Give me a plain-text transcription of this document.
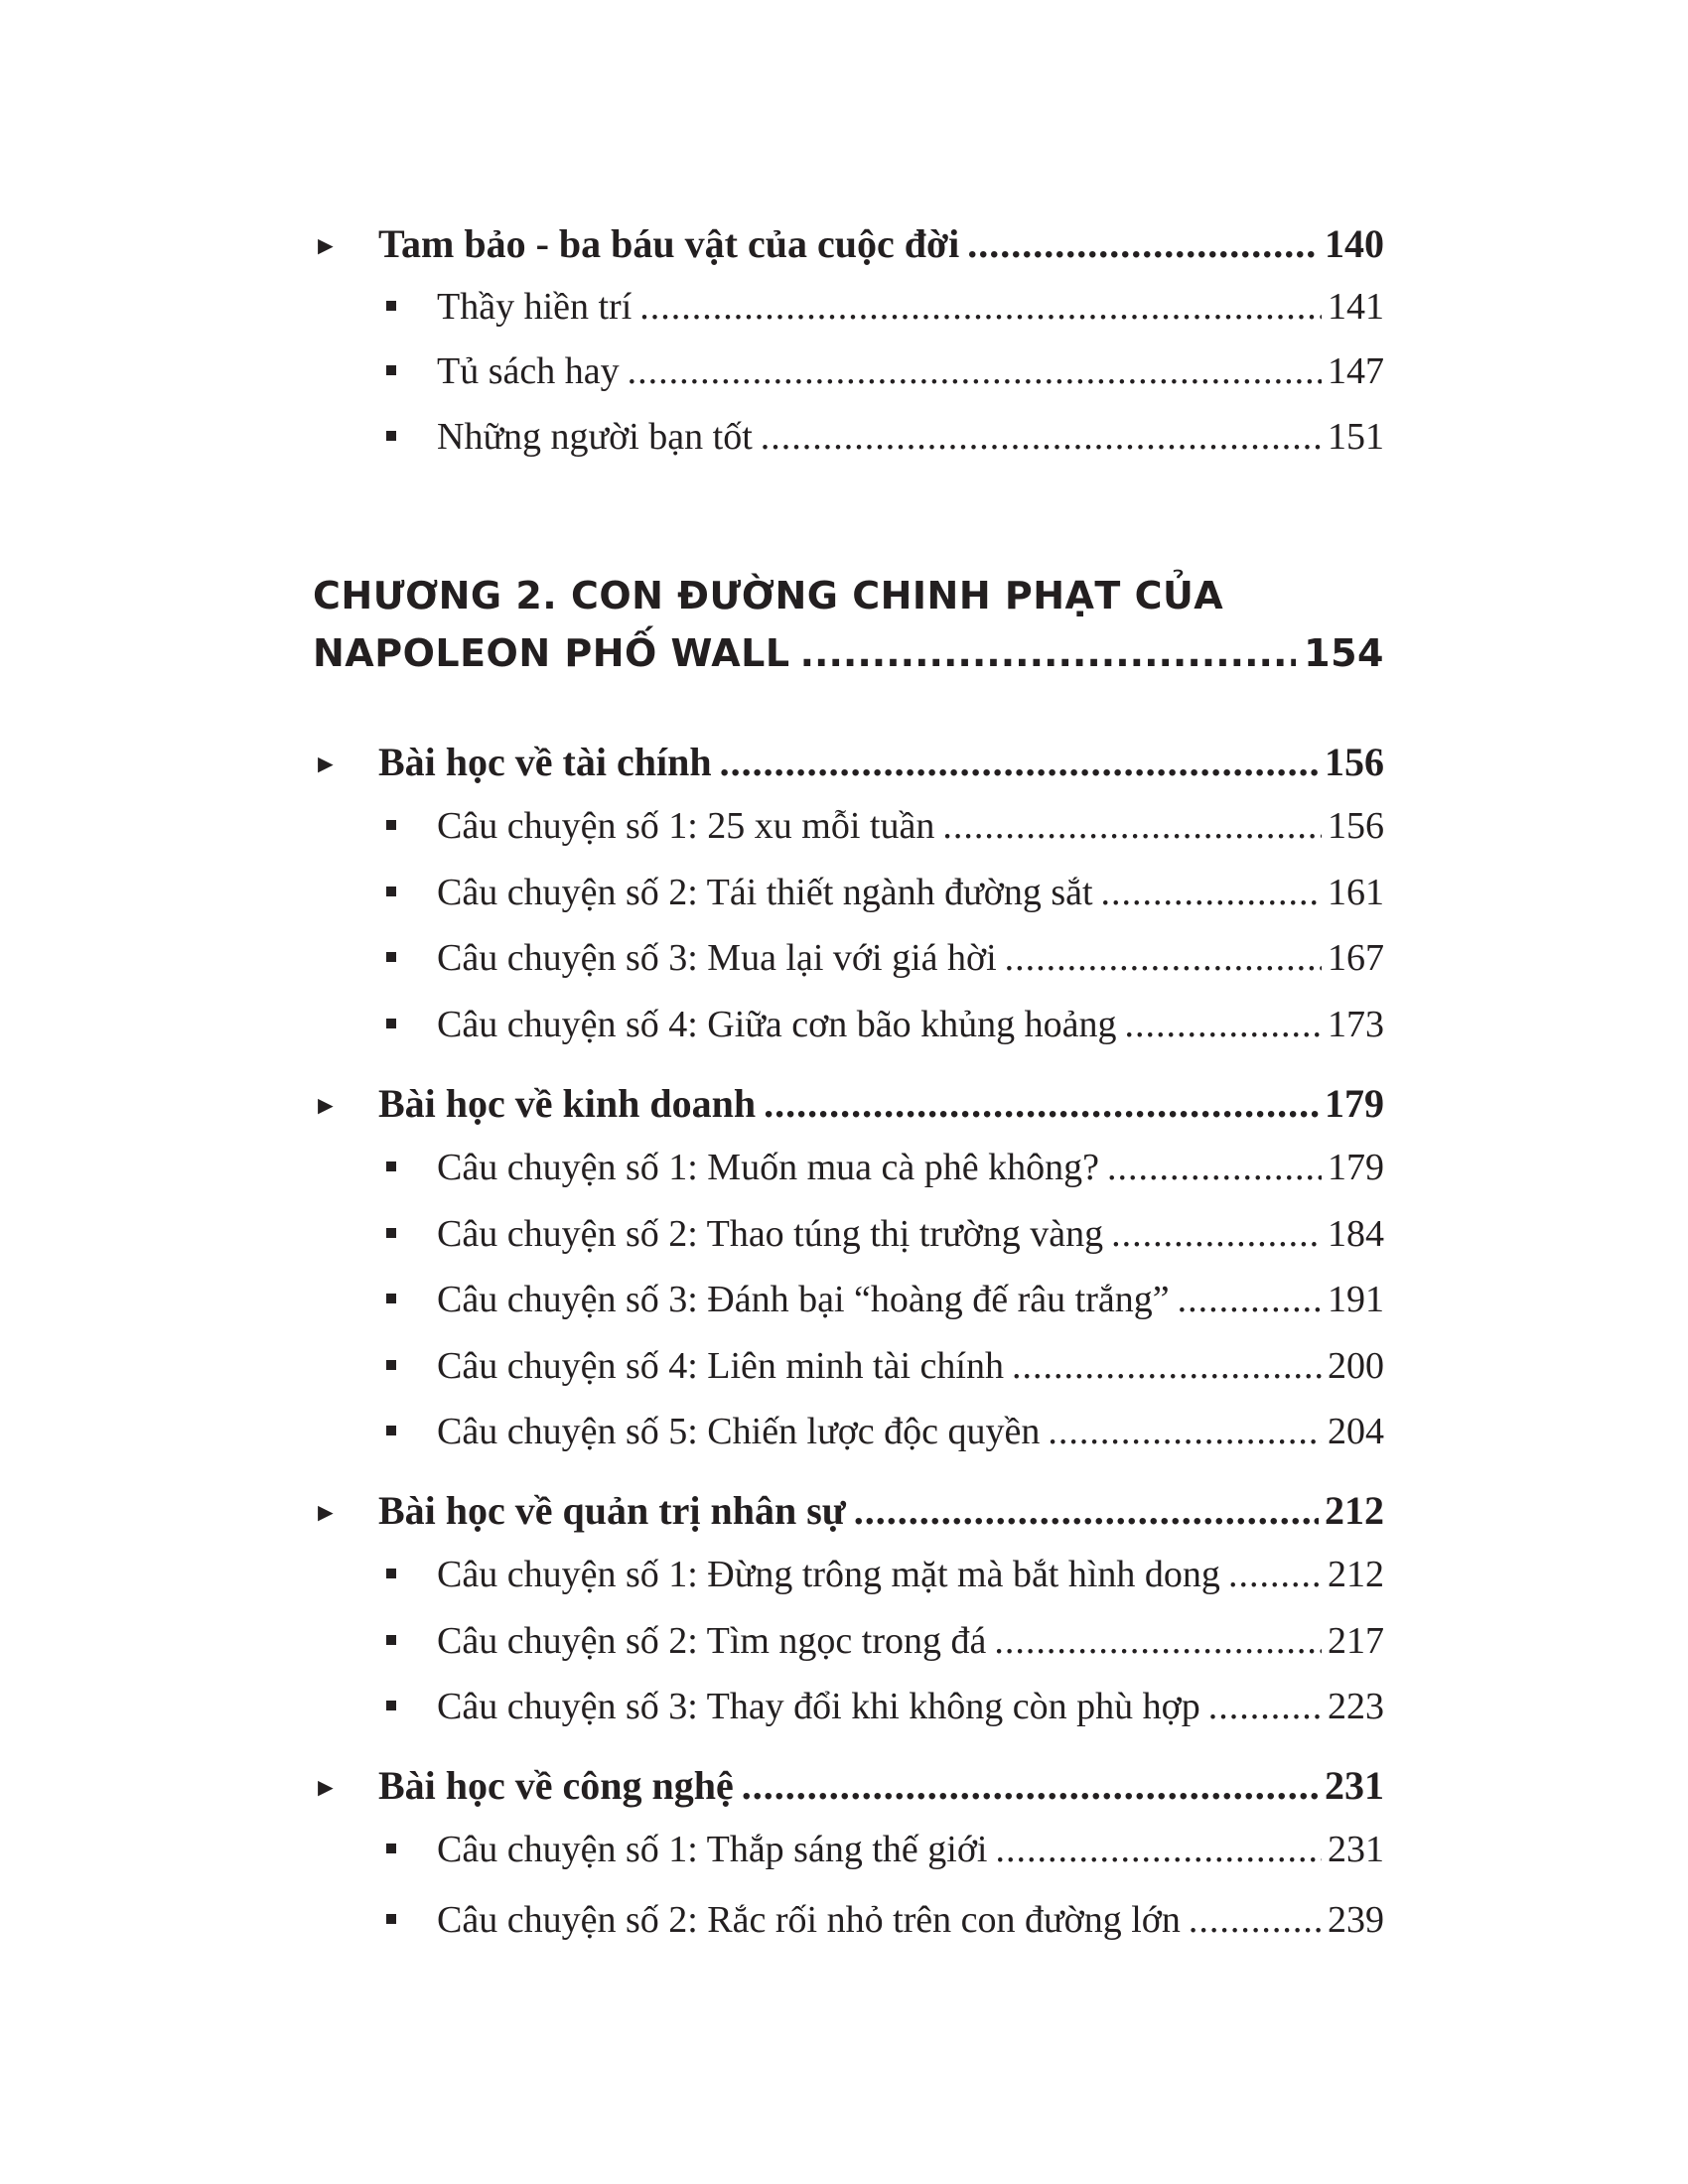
►	Tam bảo - ba báu vật của cuộc đời .....	140
Thầy hiền trí .....	141
Tủ sách hay .....	147
Những người bạn tốt .....	151
CHƯƠNG 2. CON ĐƯỜNG CHINH PHẠT CỦA
NAPOLEON PHỐ WALL .....	154
►	Bài học về tài chính .....	156
Câu chuyện số 1: 25 xu mỗi tuần .....	156
Câu chuyện số 2: Tái thiết ngành đường sắt .....	161
Câu chuyện số 3: Mua lại với giá hời .....	167
Câu chuyện số 4: Giữa cơn bão khủng hoảng .....	173
►	Bài học về kinh doanh .....	179
Câu chuyện số 1: Muốn mua cà phê không? .....	179
Câu chuyện số 2: Thao túng thị trường vàng .....	184
Câu chuyện số 3: Đánh bại “hoàng đế râu trắng” .....	191
Câu chuyện số 4: Liên minh tài chính .....	200
Câu chuyện số 5: Chiến lược độc quyền .....	204
►	Bài học về quản trị nhân sự .....	212
Câu chuyện số 1: Đừng trông mặt mà bắt hình dong .....	212
Câu chuyện số 2: Tìm ngọc trong đá .....	217
Câu chuyện số 3: Thay đổi khi không còn phù hợp .....	223
►	Bài học về công nghệ .....	231
Câu chuyện số 1: Thắp sáng thế giới .....	231
Câu chuyện số 2: Rắc rối nhỏ trên con đường lớn .....	239
